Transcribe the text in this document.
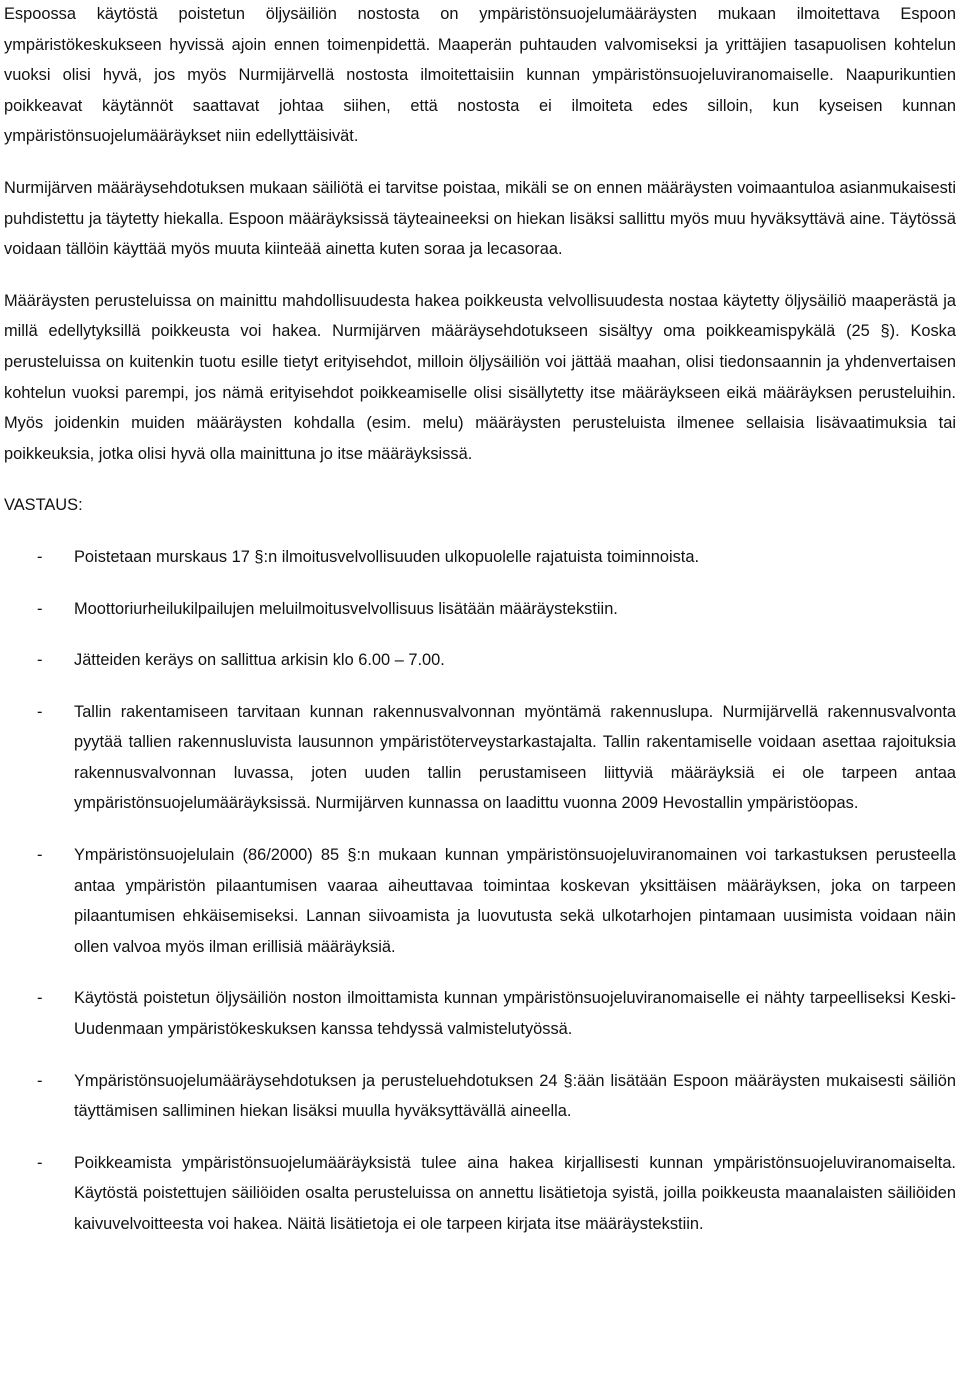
Espoossa käytöstä poistetun öljysäiliön nostosta on ympäristönsuojelumääräysten mukaan ilmoitettava Espoon ympäristökeskukseen hyvissä ajoin ennen toimenpidettä. Maaperän puhtauden valvomiseksi ja yrittäjien tasapuolisen kohtelun vuoksi olisi hyvä, jos myös Nurmijärvellä nostosta ilmoitettaisiin kunnan ympäristönsuojeluviranomaiselle. Naapurikuntien poikkeavat käytännöt saattavat johtaa siihen, että nostosta ei ilmoiteta edes silloin, kun kyseisen kunnan ympäristönsuojelumääräykset niin edellyttäisivät.

Nurmijärven määräysehdotuksen mukaan säiliötä ei tarvitse poistaa, mikäli se on ennen määräysten voimaantuloa asianmukaisesti puhdistettu ja täytetty hiekalla. Espoon määräyksissä täyteaineeksi on hiekan lisäksi sallittu myös muu hyväksyttävä aine. Täytössä voidaan tällöin käyttää myös muuta kiinteää ainetta kuten soraa ja lecasoraa.

Määräysten perusteluissa on mainittu mahdollisuudesta hakea poikkeusta velvollisuudesta nostaa käytetty öljysäiliö maaperästä ja millä edellytyksillä poikkeusta voi hakea. Nurmijärven määräysehdotukseen sisältyy oma poikkeamispykälä (25 §). Koska perusteluissa on kuitenkin tuotu esille tietyt erityisehdot, milloin öljysäiliön voi jättää maahan, olisi tiedonsaannin ja yhdenvertaisen kohtelun vuoksi parempi, jos nämä erityisehdot poikkeamiselle olisi sisällytetty itse määräykseen eikä määräyksen perusteluihin. Myös joidenkin muiden määräysten kohdalla (esim. melu) määräysten perusteluista ilmenee sellaisia lisävaatimuksia tai poikkeuksia, jotka olisi hyvä olla mainittuna jo itse määräyksissä.

VASTAUS:

- Poistetaan murskaus 17 §:n ilmoitusvelvollisuuden ulkopuolelle rajatuista toiminnoista.
- Moottoriurheilukilpailujen meluilmoitusvelvollisuus lisätään määräystekstiin.
- Jätteiden keräys on sallittua arkisin klo 6.00 – 7.00.
- Tallin rakentamiseen tarvitaan kunnan rakennusvalvonnan myöntämä rakennuslupa. Nurmijärvellä rakennusvalvonta pyytää tallien rakennusluvista lausunnon ympäristöterveystarkastajalta. Tallin rakentamiselle voidaan asettaa rajoituksia rakennusvalvonnan luvassa, joten uuden tallin perustamiseen liittyviä määräyksiä ei ole tarpeen antaa ympäristönsuojelumääräyksissä. Nurmijärven kunnassa on laadittu vuonna 2009 Hevostallin ympäristöopas.
- Ympäristönsuojelulain (86/2000) 85 §:n mukaan kunnan ympäristönsuojeluviranomainen voi tarkastuksen perusteella antaa ympäristön pilaantumisen vaaraa aiheuttavaa toimintaa koskevan yksittäisen määräyksen, joka on tarpeen pilaantumisen ehkäisemiseksi. Lannan siivoamista ja luovutusta sekä ulkotarhojen pintamaan uusimista voidaan näin ollen valvoa myös ilman erillisiä määräyksiä.
- Käytöstä poistetun öljysäiliön noston ilmoittamista kunnan ympäristönsuojeluviranomaiselle ei nähty tarpeelliseksi Keski-Uudenmaan ympäristökeskuksen kanssa tehdyssä valmistelutyössä.
- Ympäristönsuojelumääräysehdotuksen ja perusteluehdotuksen 24 §:ään lisätään Espoon määräysten mukaisesti säiliön täyttämisen salliminen hiekan lisäksi muulla hyväksyttävällä aineella.
- Poikkeamista ympäristönsuojelumääräyksistä tulee aina hakea kirjallisesti kunnan ympäristönsuojeluviranomaiselta. Käytöstä poistettujen säiliöiden osalta perusteluissa on annettu lisätietoja syistä, joilla poikkeusta maanalaisten säiliöiden kaivuvelvoitteesta voi hakea. Näitä lisätietoja ei ole tarpeen kirjata itse määräystekstiin.
